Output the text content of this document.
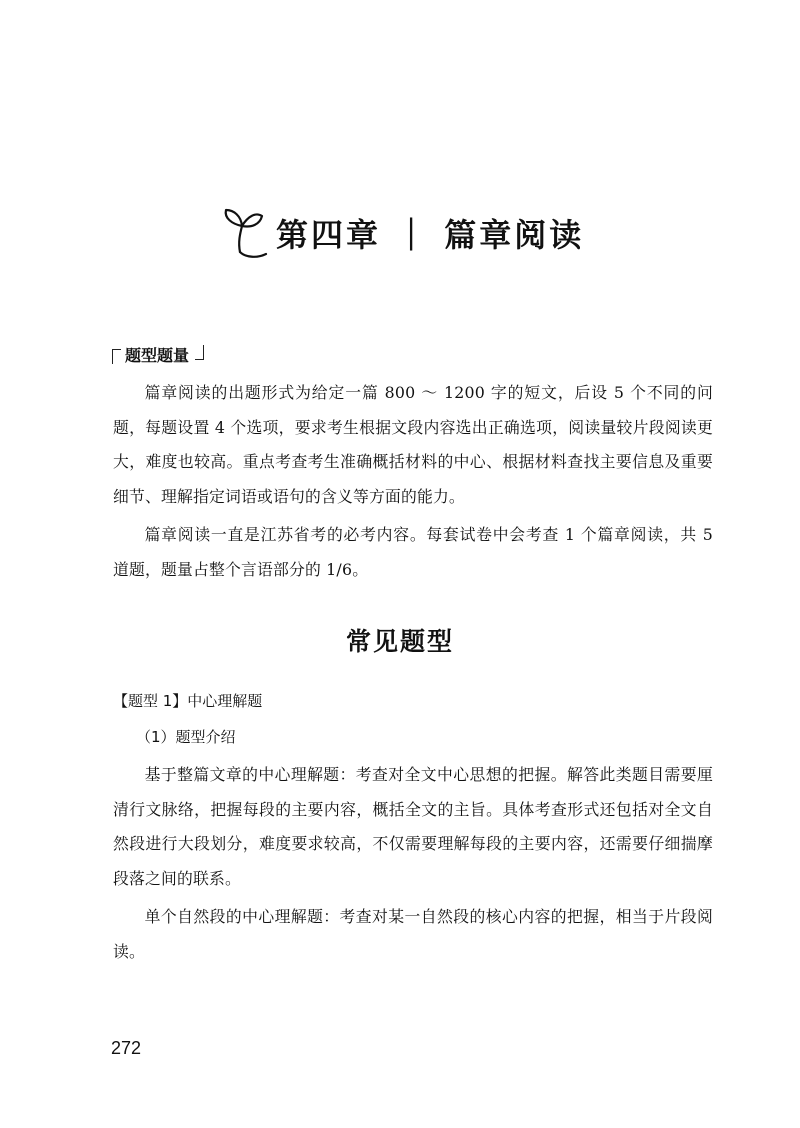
第四章 ｜ 篇章阅读
题型题量

篇章阅读的出题形式为给定一篇 800 ～ 1200 字的短文，后设 5 个不同的问题，每题设置 4 个选项，要求考生根据文段内容选出正确选项，阅读量较片段阅读更大，难度也较高。重点考查考生准确概括材料的中心、根据材料查找主要信息及重要细节、理解指定词语或语句的含义等方面的能力。

篇章阅读一直是江苏省考的必考内容。每套试卷中会考查 1 个篇章阅读，共 5 道题，题量占整个言语部分的 1/6。

常见题型
【题型 1】中心理解题
（1）题型介绍

基于整篇文章的中心理解题：考查对全文中心思想的把握。解答此类题目需要厘清行文脉络，把握每段的主要内容，概括全文的主旨。具体考查形式还包括对全文自然段进行大段划分，难度要求较高，不仅需要理解每段的主要内容，还需要仔细揣摩段落之间的联系。

单个自然段的中心理解题：考查对某一自然段的核心内容的把握，相当于片段阅读。

272
